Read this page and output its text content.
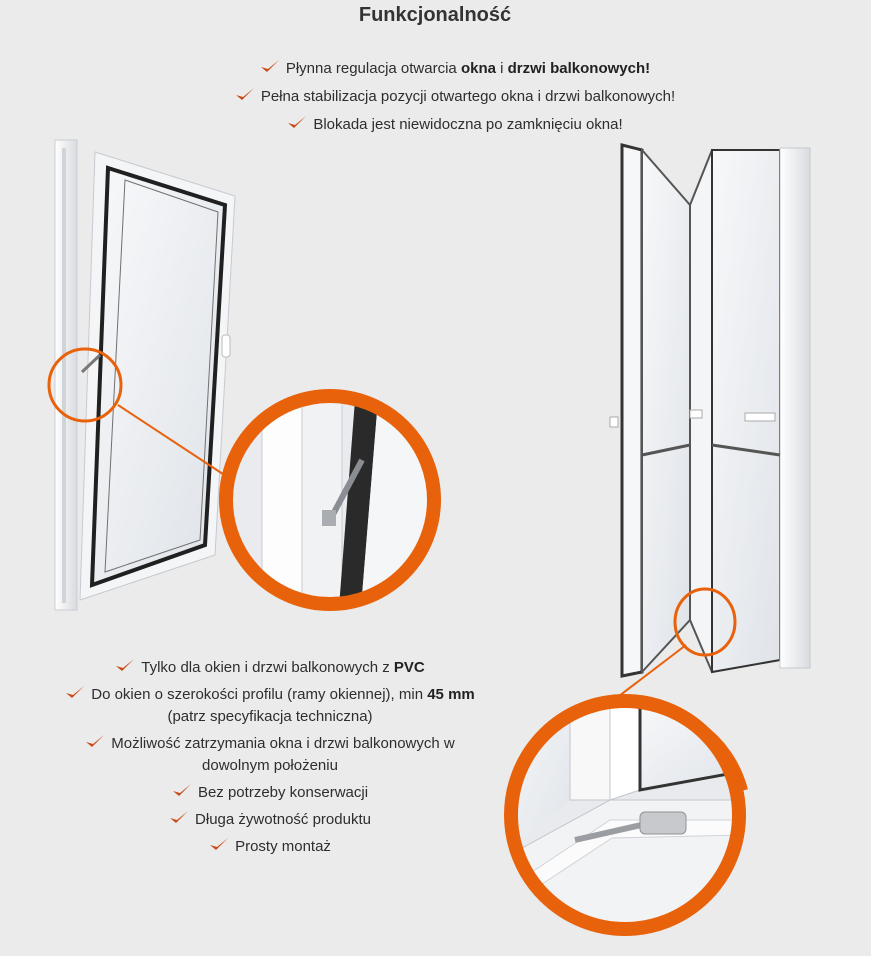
Funkcjonalność
Płynna regulacja otwarcia okna i drzwi balkonowych!
Pełna stabilizacja pozycji otwartego okna i drzwi balkonowych!
Blokada jest niewidoczna po zamknięciu okna!
Tylko dla okien i drzwi balkonowych z PVC
Do okien o szerokości profilu (ramy okiennej), min 45 mm (patrz specyfikacja techniczna)
Możliwość zatrzymania okna i drzwi balkonowych w dowolnym położeniu
Bez potrzeby konserwacji
Długa żywotność produktu
Prosty montaż
